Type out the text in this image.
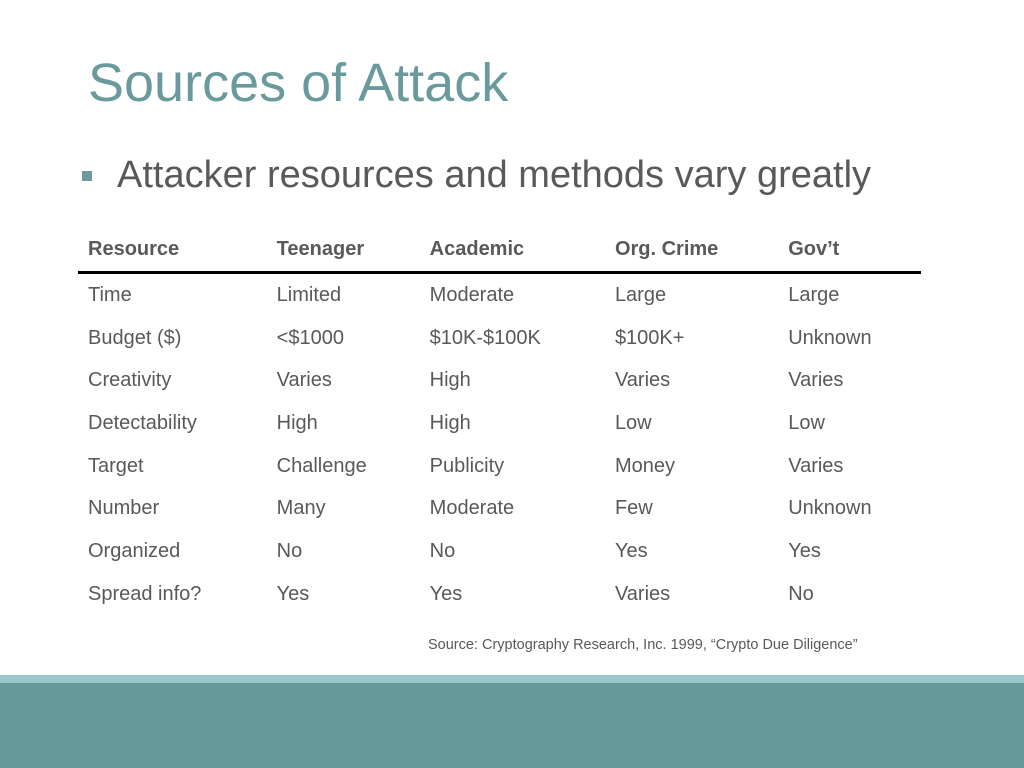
Sources of Attack
Attacker resources and methods vary greatly
Resource	Teenager	Academic	Org. Crime	Gov’t
Time	Limited	Moderate	Large	Large
Budget ($)	<$1000	$10K-$100K	$100K+	Unknown
Creativity	Varies	High	Varies	Varies
Detectability	High	High	Low	Low
Target	Challenge	Publicity	Money	Varies
Number	Many	Moderate	Few	Unknown
Organized	No	No	Yes	Yes
Spread info?	Yes	Yes	Varies	No
Source: Cryptography Research, Inc. 1999, “Crypto Due Diligence”
